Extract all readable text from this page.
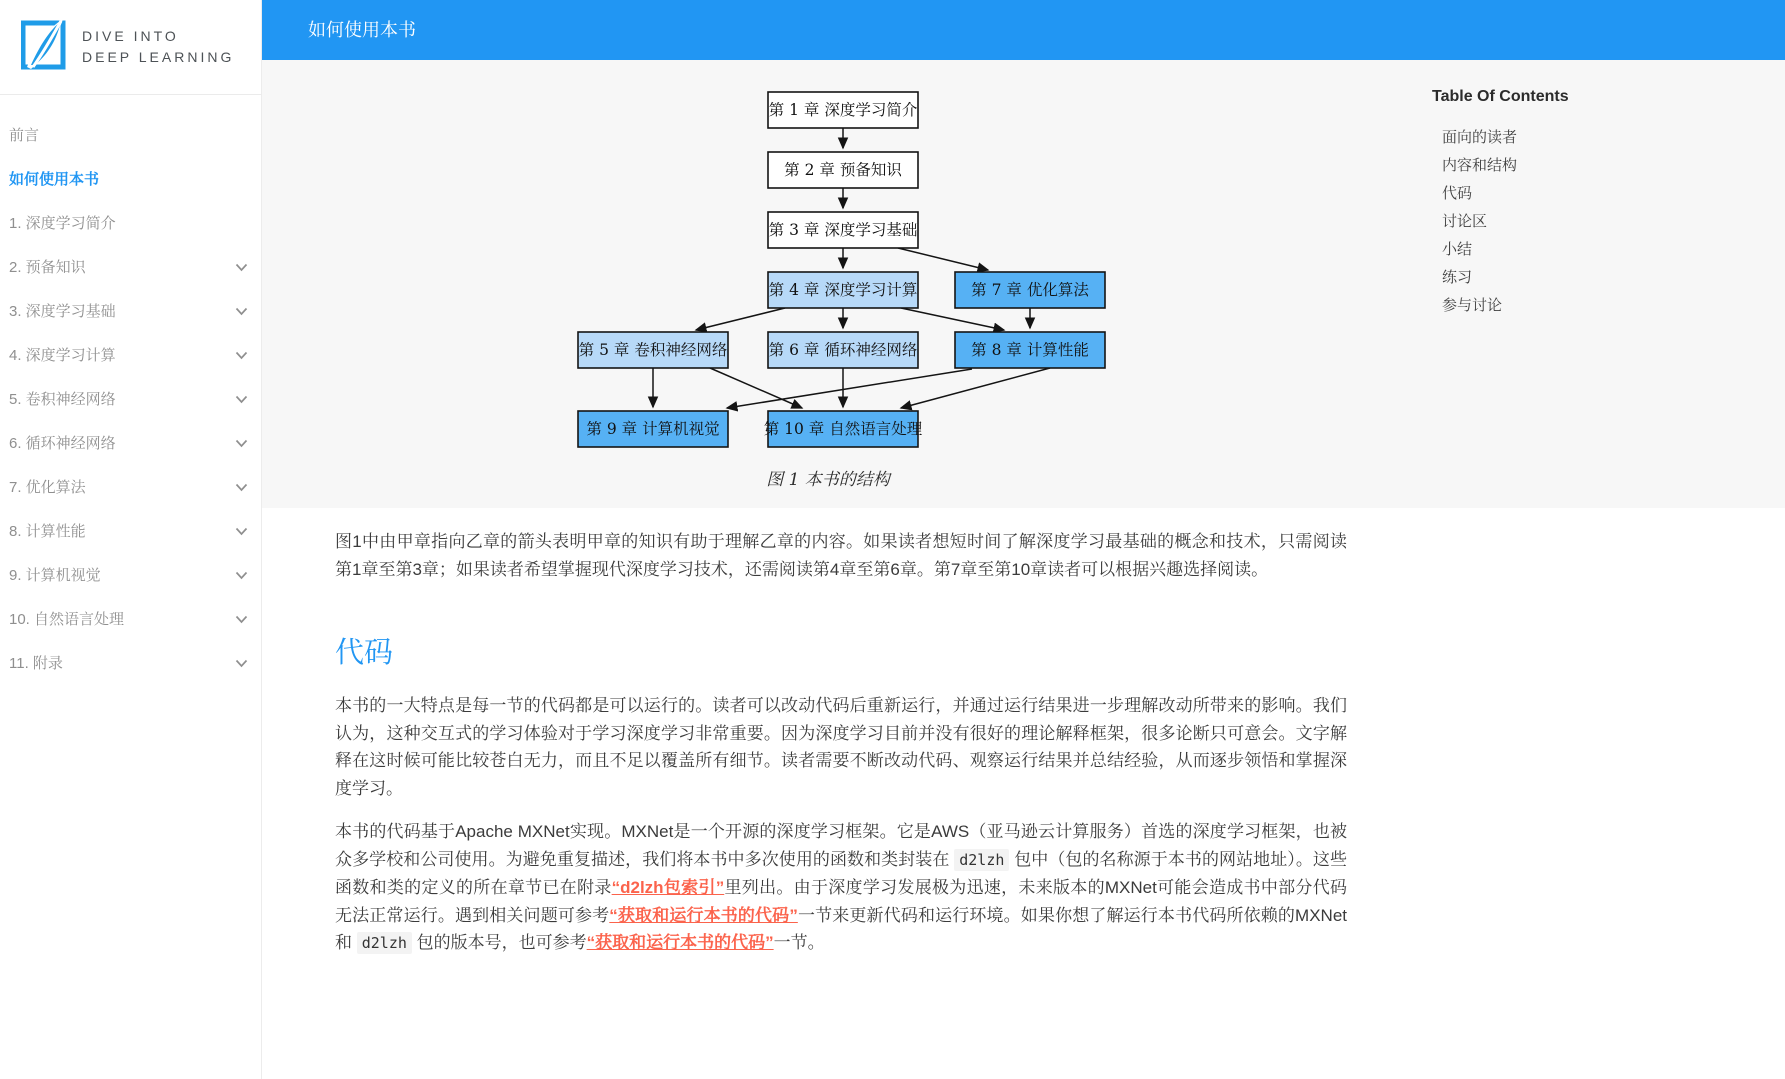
如何使用本书
DIVE INTO
DEEP LEARNING
前言
如何使用本书
1. 深度学习简介
2. 预备知识
3. 深度学习基础
4. 深度学习计算
5. 卷积神经网络
6. 循环神经网络
7. 优化算法
8. 计算性能
9. 计算机视觉
10. 自然语言处理
11. 附录
第 1 章 深度学习简介
第 2 章 预备知识
第 3 章 深度学习基础
第 4 章 深度学习计算	第 7 章 优化算法
第 5 章 卷积神经网络	第 6 章 循环神经网络	第 8 章 计算性能
第 9 章 计算机视觉	第 10 章 自然语言处理
图 1 本书的结构
Table Of Contents
面向的读者
内容和结构
代码
讨论区
小结
练习
参与讨论

图1中由甲章指向乙章的箭头表明甲章的知识有助于理解乙章的内容。如果读者想短时间了解深度学习最基础的概念和技术，只需阅读第1章至第3章；如果读者希望掌握现代深度学习技术，还需阅读第4章至第6章。第7章至第10章读者可以根据兴趣选择阅读。

代码

本书的一大特点是每一节的代码都是可以运行的。读者可以改动代码后重新运行，并通过运行结果进一步理解改动所带来的影响。我们认为，这种交互式的学习体验对于学习深度学习非常重要。因为深度学习目前并没有很好的理论解释框架，很多论断只可意会。文字解释在这时候可能比较苍白无力，而且不足以覆盖所有细节。读者需要不断改动代码、观察运行结果并总结经验，从而逐步领悟和掌握深度学习。

本书的代码基于Apache MXNet实现。MXNet是一个开源的深度学习框架。它是AWS（亚马逊云计算服务）首选的深度学习框架，也被众多学校和公司使用。为避免重复描述，我们将本书中多次使用的函数和类封装在 d2lzh 包中（包的名称源于本书的网站地址）。这些函数和类的定义的所在章节已在附录“d2lzh包索引”里列出。由于深度学习发展极为迅速，未来版本的MXNet可能会造成书中部分代码无法正常运行。遇到相关问题可参考“获取和运行本书的代码”一节来更新代码和运行环境。如果你想了解运行本书代码所依赖的MXNet和 d2lzh 包的版本号，也可参考“获取和运行本书的代码”一节。
